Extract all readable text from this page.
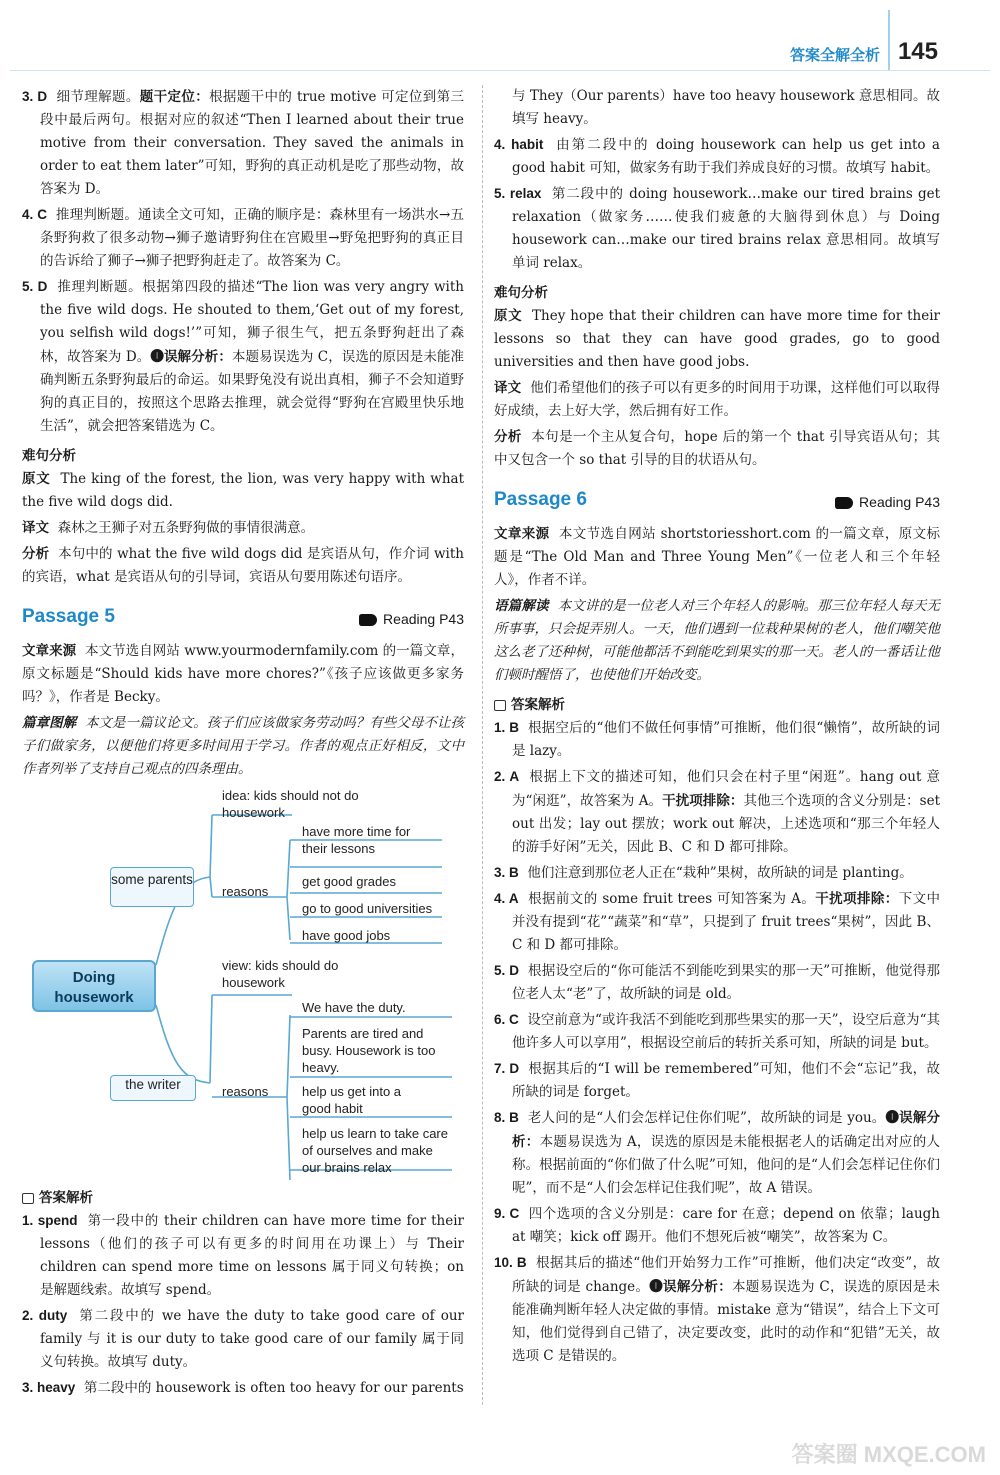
答案全解全析 145
3. D 细节理解题。题干定位：根据题干中的 true motive 可定位到第三段中最后两句。根据对应的叙述“Then I learned about their true motive from their conversation. They saved the animals in order to eat them later”可知，野狗的真正动机是吃了那些动物，故答案为 D。
4. C 推理判断题。通读全文可知，正确的顺序是：森林里有一场洪水→五条野狗救了很多动物→狮子邀请野狗住在宫殿里→野兔把野狗的真正目的告诉给了狮子→狮子把野狗赶走了。故答案为 C。
5. D 推理判断题。根据第四段的描述“The lion was very angry with the five wild dogs. He shouted to them,‘Get out of my forest, you selfish wild dogs!’”可知，狮子很生气，把五条野狗赶出了森林，故答案为 D。❶误解分析：本题易误选为 C，误选的原因是未能准确判断五条野狗最后的命运。如果野兔没有说出真相，狮子不会知道野狗的真正目的，按照这个思路去推理，就会觉得“野狗在宫殿里快乐地生活”，就会把答案错选为 C。
难句分析
原文 The king of the forest, the lion, was very happy with what the five wild dogs did.
译文 森林之王狮子对五条野狗做的事情很满意。
分析 本句中的 what the five wild dogs did 是宾语从句，作介词 with 的宾语，what 是宾语从句的引导词，宾语从句要用陈述句语序。
Passage 5	Reading P43
文章来源 本文节选自网站 www.yourmodernfamily.com 的一篇文章，原文标题是“Should kids have more chores?”《孩子应该做更多家务吗？》，作者是 Becky。
篇章图解 本文是一篇议论文。孩子们应该做家务劳动吗？有些父母不让孩子们做家务，以便他们将更多时间用于学习。作者的观点正好相反，文中作者列举了支持自己观点的四条理由。
Doing housework
some parents
the writer
idea: kids should not do housework
reasons
have more time for their lessons
get good grades
go to good universities
have good jobs
view: kids should do housework
reasons
We have the duty.
Parents are tired and busy. Housework is too heavy.
help us get into a good habit
help us learn to take care of ourselves and make our brains relax
答案解析
1. spend 第一段中的 their children can have more time for their lessons（他们的孩子可以有更多的时间用在功课上）与 Their children can spend more time on lessons 属于同义句转换；on 是解题线索。故填写 spend。
2. duty 第二段中的 we have the duty to take good care of our family 与 it is our duty to take good care of our family 属于同义句转换。故填写 duty。
3. heavy 第二段中的 housework is often too heavy for our parents
与 They（Our parents）have too heavy housework 意思相同。故填写 heavy。
4. habit 由第二段中的 doing housework can help us get into a good habit 可知，做家务有助于我们养成良好的习惯。故填写 habit。
5. relax 第二段中的 doing housework…make our tired brains get relaxation（做家务……使我们疲惫的大脑得到休息）与 Doing housework can…make our tired brains relax 意思相同。故填写单词 relax。
难句分析
原文 They hope that their children can have more time for their lessons so that they can have good grades, go to good universities and then have good jobs.
译文 他们希望他们的孩子可以有更多的时间用于功课，这样他们可以取得好成绩，去上好大学，然后拥有好工作。
分析 本句是一个主从复合句，hope 后的第一个 that 引导宾语从句；其中又包含一个 so that 引导的目的状语从句。
Passage 6	Reading P43
文章来源 本文节选自网站 shortstoriesshort.com 的一篇文章，原文标题是“The Old Man and Three Young Men”《一位老人和三个年轻人》，作者不详。
语篇解读 本文讲的是一位老人对三个年轻人的影响。那三位年轻人每天无所事事，只会捉弄别人。一天，他们遇到一位栽种果树的老人，他们嘲笑他这么老了还种树，可能他都活不到能吃到果实的那一天。老人的一番话让他们顿时醒悟了，也使他们开始改变。
答案解析
1. B 根据空后的“他们不做任何事情”可推断，他们很“懒惰”，故所缺的词是 lazy。
2. A 根据上下文的描述可知，他们只会在村子里“闲逛”。hang out 意为“闲逛”，故答案为 A。干扰项排除：其他三个选项的含义分别是：set out 出发；lay out 摆放；work out 解决，上述选项和“那三个年轻人的游手好闲”无关，因此 B、C 和 D 都可排除。
3. B 他们注意到那位老人正在“栽种”果树，故所缺的词是 planting。
4. A 根据前文的 some fruit trees 可知答案为 A。干扰项排除：下文中并没有提到“花”“蔬菜”和“草”，只提到了 fruit trees“果树”，因此 B、C 和 D 都可排除。
5. D 根据设空后的“你可能活不到能吃到果实的那一天”可推断，他觉得那位老人太“老”了，故所缺的词是 old。
6. C 设空前意为“或许我活不到能吃到那些果实的那一天”，设空后意为“其他许多人可以享用”，根据设空前后的转折关系可知，所缺的词是 but。
7. D 根据其后的“I will be remembered”可知，他们不会“忘记”我，故所缺的词是 forget。
8. B 老人问的是“人们会怎样记住你们呢”，故所缺的词是 you。❶误解分析：本题易误选为 A，误选的原因是未能根据老人的话确定出对应的人称。根据前面的“你们做了什么呢”可知，他问的是“人们会怎样记住你们呢”，而不是“人们会怎样记住我们呢”，故 A 错误。
9. C 四个选项的含义分别是：care for 在意；depend on 依靠；laugh at 嘲笑；kick off 踢开。他们不想死后被“嘲笑”，故答案为 C。
10. B 根据其后的描述“他们开始努力工作”可推断，他们决定“改变”，故所缺的词是 change。❶误解分析：本题易误选为 C，误选的原因是未能准确判断年轻人决定做的事情。mistake 意为“错误”，结合上下文可知，他们觉得到自己错了，决定要改变，此时的动作和“犯错”无关，故选项 C 是错误的。
答案圈 MXQE.COM
